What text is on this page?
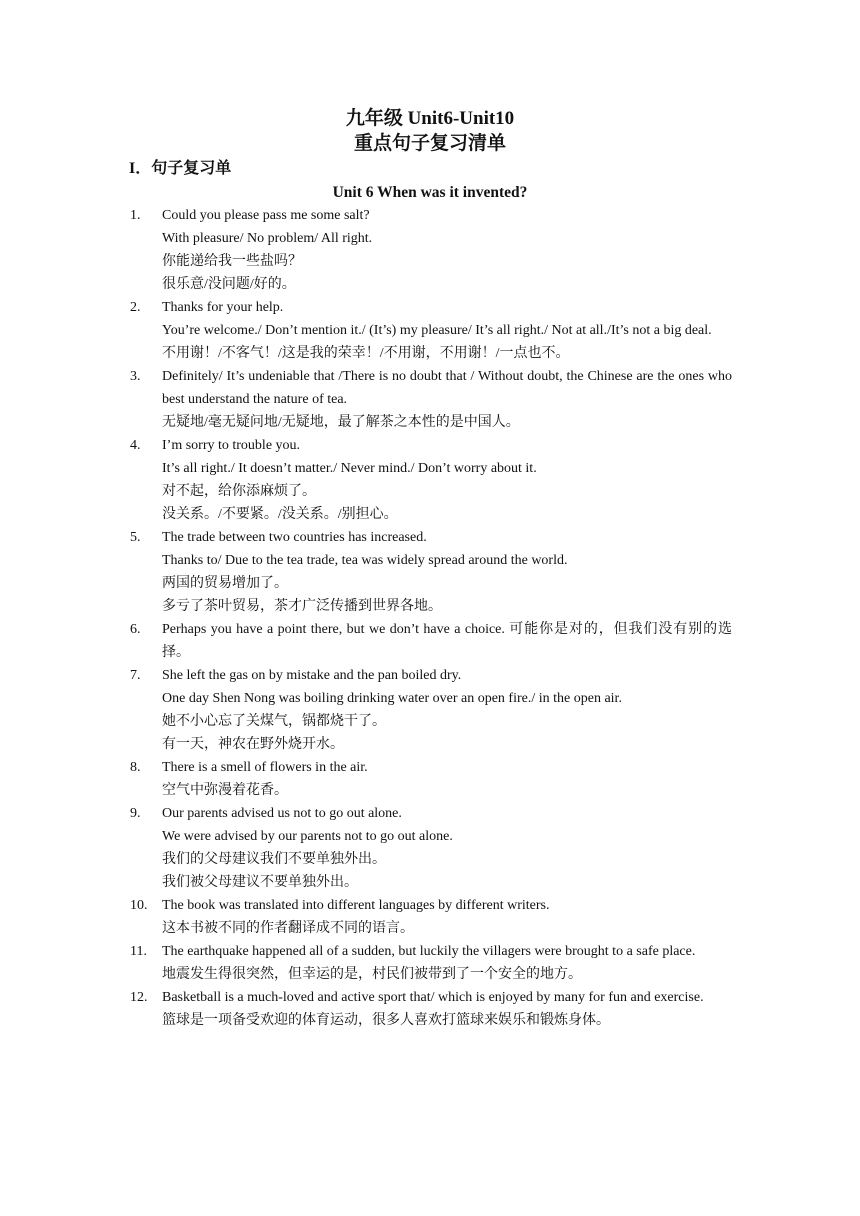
九年级 Unit6-Unit10
重点句子复习清单
I．句子复习单
Unit 6 When was it invented?
1. Could you please pass me some salt?
With pleasure/ No problem/ All right.
你能递给我一些盐吗？
很乐意/没问题/好的。
2. Thanks for your help.
You’re welcome./ Don’t mention it./ (It’s) my pleasure/ It’s all right./ Not at all./It’s not a big deal.
不用谢！/不客气！/这是我的荣幸！/不用谢，不用谢！/一点也不。
3. Definitely/ It’s undeniable that /There is no doubt that / Without doubt, the Chinese are the ones who best understand the nature of tea.
无疑地/毫无疑问地/无疑地，最了解茶之本性的是中国人。
4. I’m sorry to trouble you.
It’s all right./ It doesn’t matter./ Never mind./ Don’t worry about it.
对不起，给你添麻烦了。
没关系。/不要紧。/没关系。/别担心。
5. The trade between two countries has increased.
Thanks to/ Due to the tea trade, tea was widely spread around the world.
两国的贸易增加了。
多亏了茶叶贸易，茶才广泛传播到世界各地。
6. Perhaps you have a point there, but we don’t have a choice. 可能你是对的，但我们没有别的选择。
7. She left the gas on by mistake and the pan boiled dry.
One day Shen Nong was boiling drinking water over an open fire./ in the open air.
她不小心忘了关煤气，锅都烧干了。
有一天，神农在野外烧开水。
8. There is a smell of flowers in the air.
空气中弥漫着花香。
9. Our parents advised us not to go out alone.
We were advised by our parents not to go out alone.
我们的父母建议我们不要单独外出。
我们被父母建议不要单独外出。
10. The book was translated into different languages by different writers.
这本书被不同的作者翻译成不同的语言。
11. The earthquake happened all of a sudden, but luckily the villagers were brought to a safe place.
地震发生得很突然，但幸运的是，村民们被带到了一个安全的地方。
12. Basketball is a much-loved and active sport that/ which is enjoyed by many for fun and exercise.
篮球是一项备受欢迎的体育运动，很多人喜欢打篮球来娱乐和锻炼身体。
